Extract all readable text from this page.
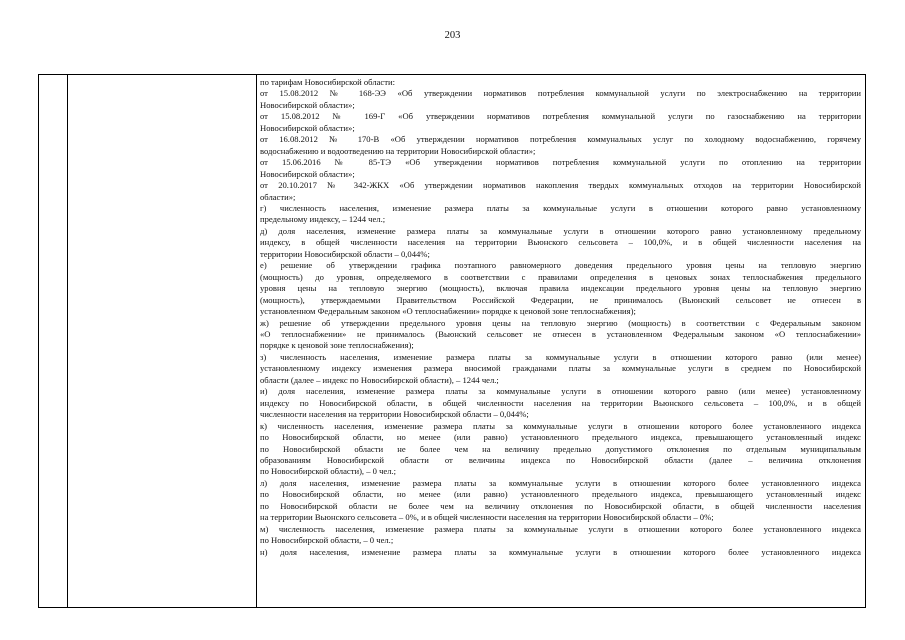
203

по тарифам Новосибирской области:

от 15.08.2012 № 168-ЭЭ «Об утверждении нормативов потребления коммунальной услуги по электроснабжению на территории

Новосибирской области»;

от 15.08.2012 № 169-Г «Об утверждении нормативов потребления коммунальной услуги по газоснабжению на территории

Новосибирской области»;

от 16.08.2012 № 170-В «Об утверждении нормативов потребления коммунальных услуг по холодному водоснабжению, горячему

водоснабжению и водоотведению на территории Новосибирской области»;

от 15.06.2016 № 85-ТЭ «Об утверждении нормативов потребления коммунальной услуги по отоплению на территории

Новосибирской области»;

от 20.10.2017 № 342-ЖКХ «Об утверждении нормативов накопления твердых коммунальных отходов на территории Новосибирской

области»;

г) численность населения, изменение размера платы за коммунальные услуги в отношении которого равно установленному

предельному индексу, – 1244 чел.;

д) доля населения, изменение размера платы за коммунальные услуги в отношении которого равно установленному предельному

индексу, в общей численности населения на территории Вьюнского сельсовета – 100,0%, и в общей численности населения на

территории Новосибирской области – 0,044%;

е) решение об утверждении графика поэтапного равномерного доведения предельного уровня цены на тепловую энергию

(мощность) до уровня, определяемого в соответствии с правилами определения в ценовых зонах теплоснабжения предельного

уровня цены на тепловую энергию (мощность), включая правила индексации предельного уровня цены на тепловую энергию

(мощность), утверждаемыми Правительством Российской Федерации, не принималось (Вьюнский сельсовет не отнесен в

установленном Федеральным законом «О теплоснабжении» порядке к ценовой зоне теплоснабжения);

ж) решение об утверждении предельного уровня цены на тепловую энергию (мощность) в соответствии с Федеральным законом

«О теплоснабжении» не принималось (Вьюнский сельсовет не отнесен в установленном Федеральным законом «О теплоснабжении»

порядке к ценовой зоне теплоснабжения);

з) численность населения, изменение размера платы за коммунальные услуги в отношении которого равно (или менее)

установленному индексу изменения размера вносимой гражданами платы за коммунальные услуги в среднем по Новосибирской

области (далее – индекс по Новосибирской области), – 1244 чел.;

и) доля населения, изменение размера платы за коммунальные услуги в отношении которого равно (или менее) установленному

индексу по Новосибирской области, в общей численности населения на территории Вьюнского сельсовета – 100,0%, и в общей

численности населения на территории Новосибирской области – 0,044%;

к) численность населения, изменение размера платы за коммунальные услуги в отношении которого более установленного индекса

по Новосибирской области, но менее (или равно) установленного предельного индекса, превышающего установленный индекс

по Новосибирской области не более чем на величину предельно допустимого отклонения по отдельным муниципальным

образованиям Новосибирской области от величины индекса по Новосибирской области (далее – величина отклонения

по Новосибирской области), – 0 чел.;

л) доля населения, изменение размера платы за коммунальные услуги в отношении которого более установленного индекса

по Новосибирской области, но менее (или равно) установленного предельного индекса, превышающего установленный индекс

по Новосибирской области не более чем на величину отклонения по Новосибирской области, в общей численности населения

на территории Вьюнского сельсовета – 0%, и в общей численности населения на территории Новосибирской области – 0%;

м) численность населения, изменение размера платы за коммунальные услуги в отношении которого более установленного индекса

по Новосибирской области, – 0 чел.;

н) доля населения, изменение размера платы за коммунальные услуги в отношении которого более установленного индекса
